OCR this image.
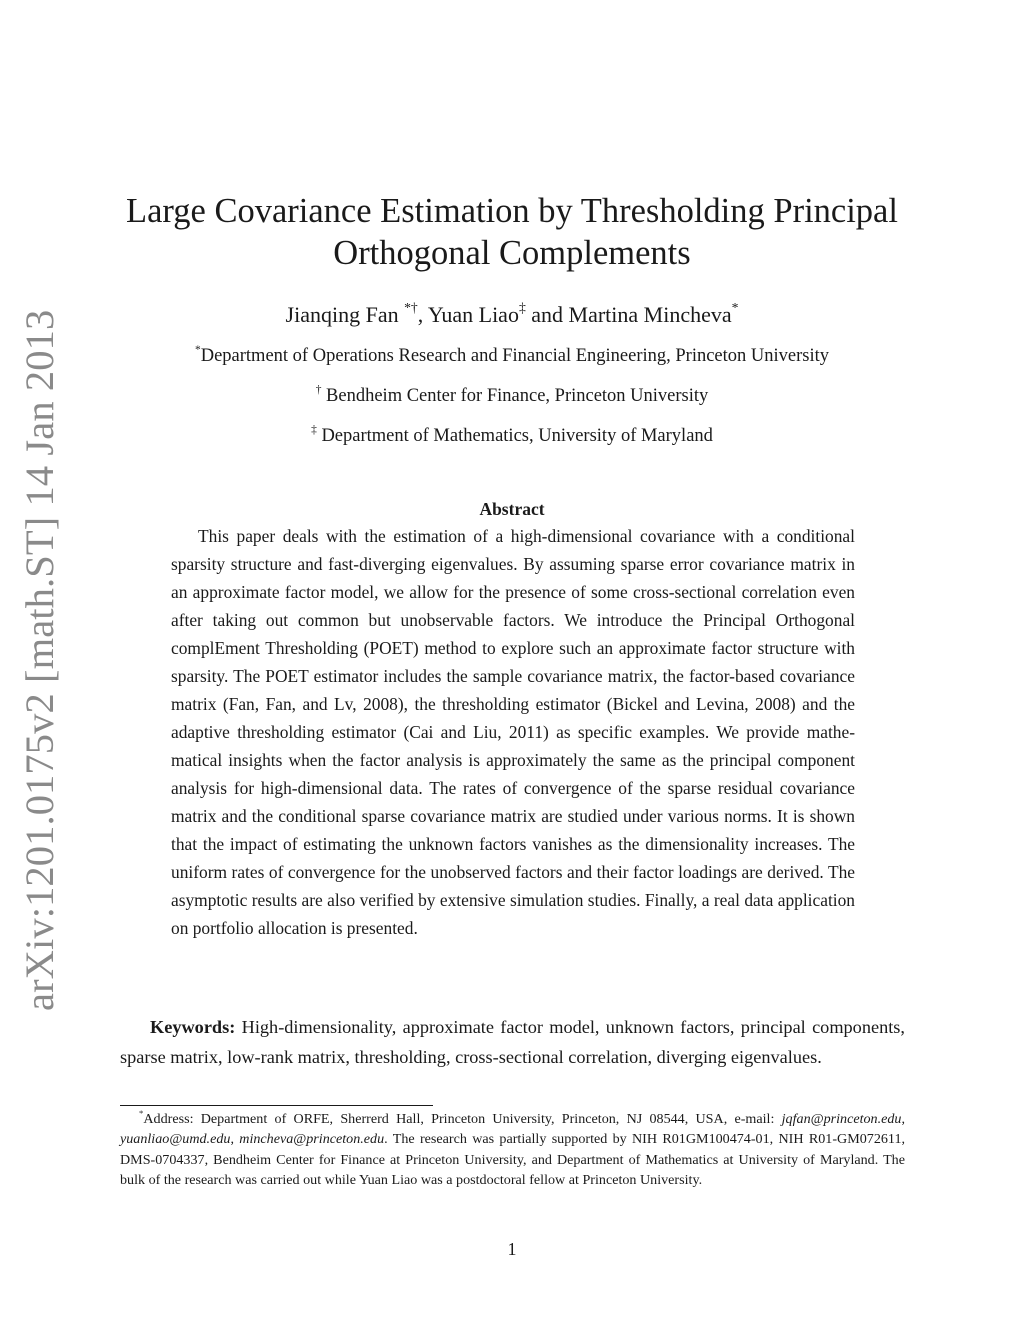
arXiv:1201.0175v2 [math.ST] 14 Jan 2013
Large Covariance Estimation by Thresholding Principal
Orthogonal Complements
Jianqing Fan *†, Yuan Liao‡ and Martina Mincheva*
*Department of Operations Research and Financial Engineering, Princeton University
† Bendheim Center for Finance, Princeton University
‡ Department of Mathematics, University of Maryland
Abstract

This paper deals with the estimation of a high-dimensional covariance with a conditional sparsity structure and fast-diverging eigenvalues. By assuming sparse error covariance matrix in an approximate factor model, we allow for the presence of some cross-sectional correlation even after taking out common but unobservable factors. We introduce the Principal Orthogonal complEment Thresholding (POET) method to explore such an approximate factor structure with sparsity. The POET estimator includes the sample covariance matrix, the factor-based covariance matrix (Fan, Fan, and Lv, 2008), the thresholding estimator (Bickel and Levina, 2008) and the adaptive thresholding estimator (Cai and Liu, 2011) as specific examples. We provide mathematical insights when the factor analysis is approximately the same as the principal component analysis for high-dimensional data. The rates of convergence of the sparse residual covariance matrix and the conditional sparse covariance matrix are studied under various norms. It is shown that the impact of estimating the unknown factors vanishes as the dimensionality increases. The uniform rates of convergence for the unobserved factors and their factor loadings are derived. The asymptotic results are also verified by extensive simulation studies. Finally, a real data application on portfolio allocation is presented.

Keywords: High-dimensionality, approximate factor model, unknown factors, principal components, sparse matrix, low-rank matrix, thresholding, cross-sectional correlation, diverging eigenvalues.

*Address: Department of ORFE, Sherrerd Hall, Princeton University, Princeton, NJ 08544, USA, e-mail: jqfan@princeton.edu, yuanliao@umd.edu, mincheva@princeton.edu. The research was partially supported by NIH R01GM100474-01, NIH R01-GM072611, DMS-0704337, Bendheim Center for Finance at Princeton University, and Department of Mathematics at University of Maryland. The bulk of the research was carried out while Yuan Liao was a postdoctoral fellow at Princeton University.

1
